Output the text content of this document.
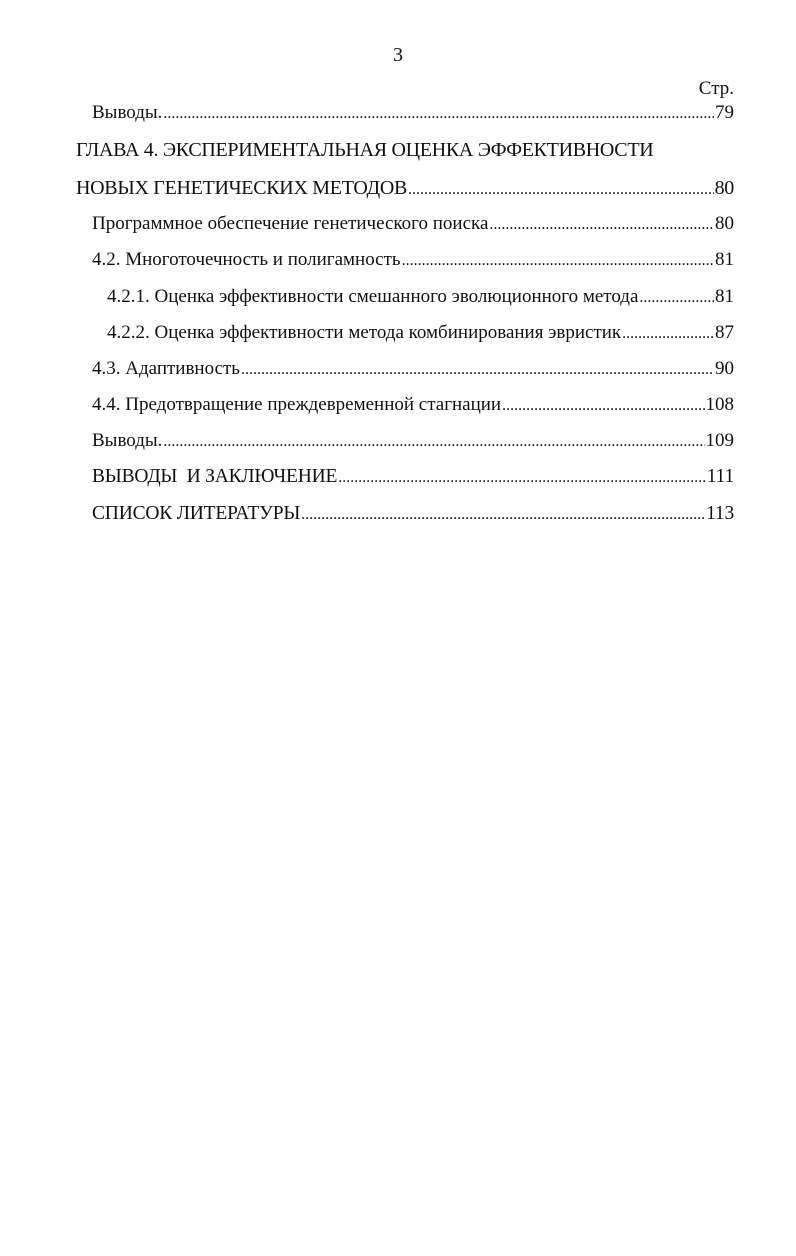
3
Стр.
Выводы. .....	79
ГЛАВА 4. ЭКСПЕРИМЕНТАЛЬНАЯ ОЦЕНКА ЭФФЕКТИВНОСТИ
НОВЫХ ГЕНЕТИЧЕСКИХ МЕТОДОВ .....	80
Программное обеспечение генетического поиска .....	80
4.2. Многоточечность и полигамность .....	81
4.2.1. Оценка эффективности смешанного эволюционного метода .....	81
4.2.2. Оценка эффективности метода комбинирования эвристик .....	87
4.3. Адаптивность .....	90
4.4. Предотвращение преждевременной стагнации .....	108
Выводы. .....	109
ВЫВОДЫ  И ЗАКЛЮЧЕНИЕ .....	111
СПИСОК ЛИТЕРАТУРЫ .....	113
